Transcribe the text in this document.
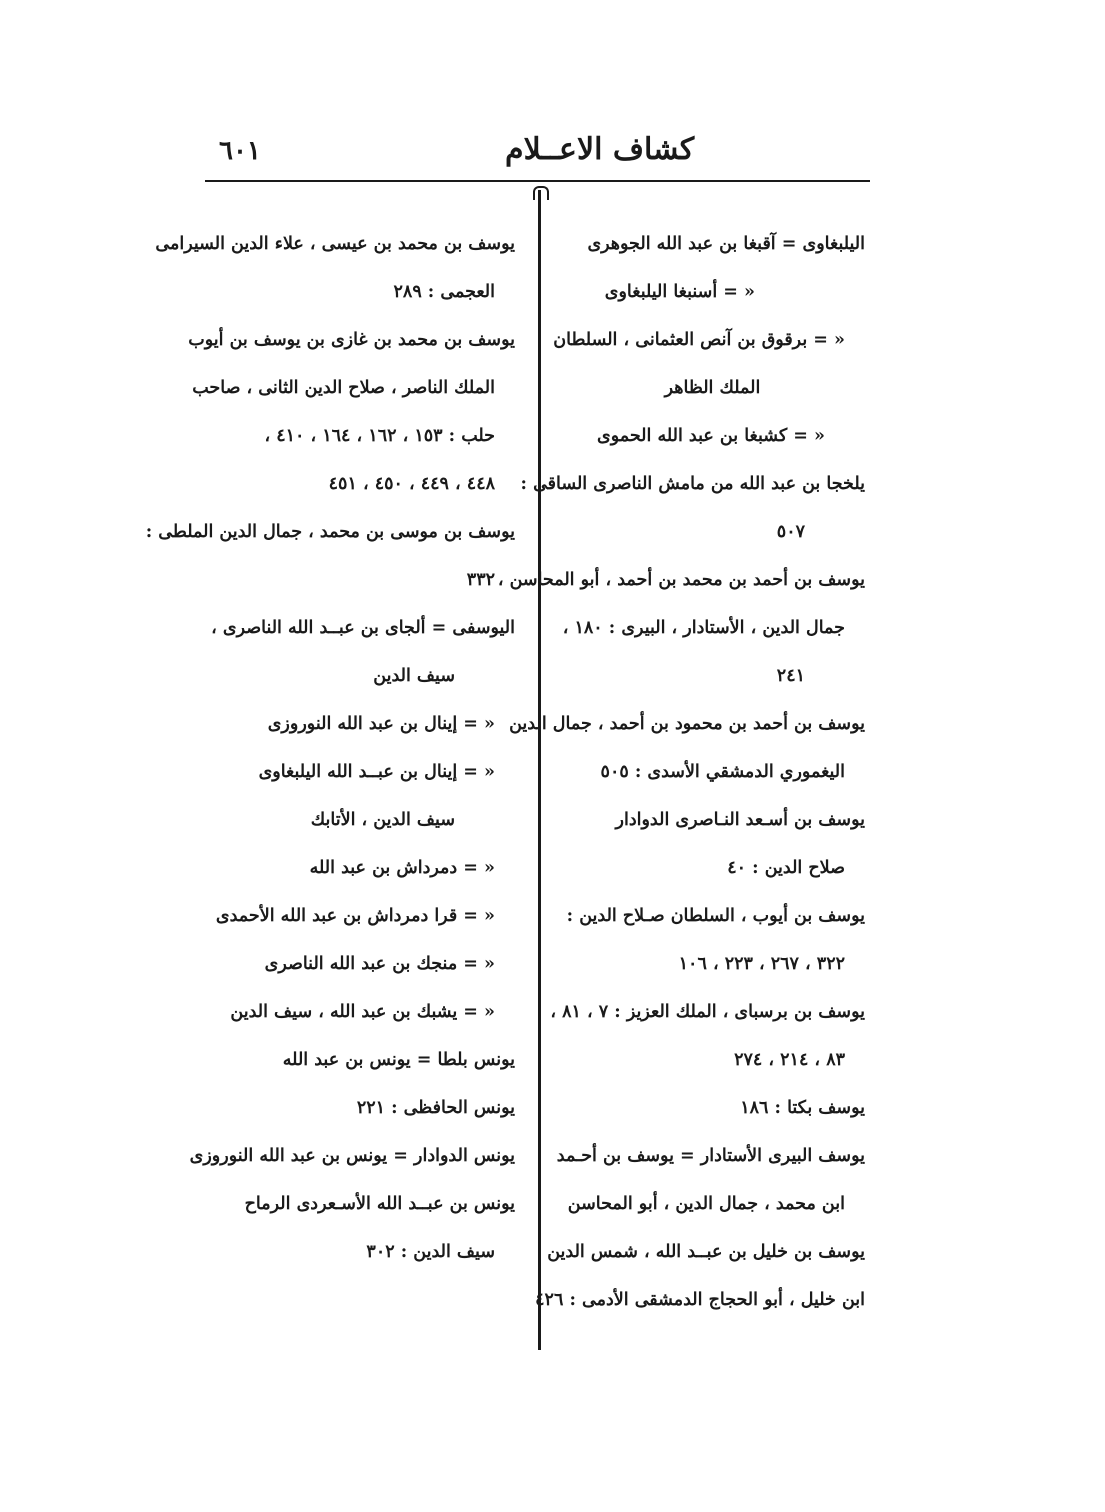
كشاف الاعــلام
٦٠١
اليلبغاوى = آقبغا بن عبد الله الجوهرى
« = أسنبغا اليلبغاوى
« = برقوق بن آنص العثمانى ، السلطان
الملك الظاهر
« = كشبغا بن عبد الله الحموى
يلخجا بن عبد الله من مامش الناصرى الساقى :
٥٠٧
يوسف بن أحمد بن محمد بن أحمد ، أبو المحاسن ،
جمال الدين ، الأستادار ، البيرى : ١٨٠ ،
٢٤١
يوسف بن أحمد بن محمود بن أحمد ، جمال الدين
اليغموري الدمشقي الأسدى : ٥٠٥
يوسف بن أسـعد النـاصرى الدوادار
صلاح الدين : ٤٠
يوسف بن أيوب ، السلطان صـلاح الدين :
٣٢٢ ، ٢٦٧ ، ٢٢٣ ، ١٠٦
يوسف بن برسباى ، الملك العزيز : ٧ ، ٨١ ،
٨٣ ، ٢١٤ ، ٢٧٤
يوسف بكتا : ١٨٦
يوسف البيرى الأستادار = يوسف بن أحـمد
ابن محمد ، جمال الدين ، أبو المحاسن
يوسف بن خليل بن عبــد الله ، شمس الدين
ابن خليل ، أبو الحجاج الدمشقى الأدمى : ٤٢٦
يوسف بن محمد بن عيسى ، علاء الدين السيرامى
العجمى : ٢٨٩
يوسف بن محمد بن غازى بن يوسف بن أيوب
الملك الناصر ، صلاح الدين الثانى ، صاحب
حلب : ١٥٣ ، ١٦٢ ، ١٦٤ ، ٤١٠ ،
٤٤٨ ، ٤٤٩ ، ٤٥٠ ، ٤٥١
يوسف بن موسى بن محمد ، جمال الدين الملطى :
٣٣٢
اليوسفى = ألجاى بن عبــد الله الناصرى ،
سيف الدين
« = إينال بن عبد الله النوروزى
« = إينال بن عبــد الله اليلبغاوى
سيف الدين ، الأتابك
« = دمرداش بن عبد الله
« = قرا دمرداش بن عبد الله الأحمدى
« = منجك بن عبد الله الناصرى
« = يشبك بن عبد الله ، سيف الدين
يونس بلطا = يونس بن عبد الله
يونس الحافظى : ٢٢١
يونس الدوادار = يونس بن عبد الله النوروزى
يونس بن عبــد الله الأسـعردى الرماح
سيف الدين : ٣٠٢
